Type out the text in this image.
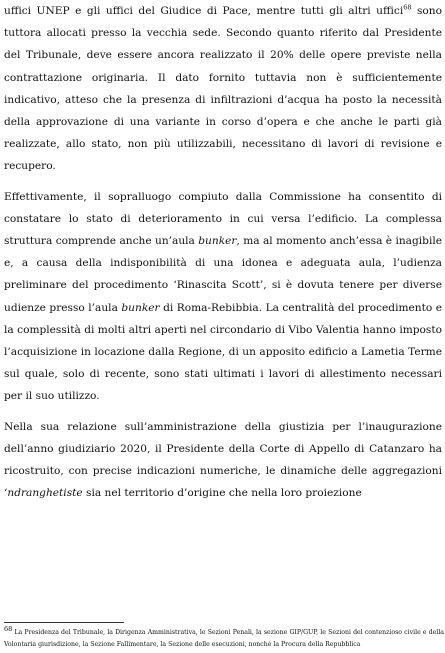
uffici UNEP e gli uffici del Giudice di Pace, mentre tutti gli altri uffici$^{68}$ sono tuttora allocati presso la vecchia sede. Secondo quanto riferito dal Presidente del Tribunale, deve essere ancora realizzato il 20% delle opere previste nella contrattazione originaria. Il dato fornito tuttavia non è sufficientemente indicativo, atteso che la presenza di infiltrazioni d’acqua ha posto la necessità della approvazione di una variante in corso d’opera e che anche le parti già realizzate, allo stato, non più utilizzabili, necessitano di lavori di revisione e recupero.

Effettivamente, il sopralluogo compiuto dalla Commissione ha consentito di constatare lo stato di deterioramento in cui versa l’edificio. La complessa struttura comprende anche un’aula bunker, ma al momento anch’essa è inagibile e, a causa della indisponibilità di una idonea e adeguata aula, l’udienza preliminare del procedimento ‘Rinascita Scott’, si è dovuta tenere per diverse udienze presso l’aula bunker di Roma-Rebibbia. La centralità del procedimento e la complessità di molti altri aperti nel circondario di Vibo Valentia hanno imposto l’acquisizione in locazione dalla Regione, di un apposito edificio a Lametia Terme sul quale, solo di recente, sono stati ultimati i lavori di allestimento necessari per il suo utilizzo.

Nella sua relazione sull’amministrazione della giustizia per l’inaugurazione dell’anno giudiziario 2020, il Presidente della Corte di Appello di Catanzaro ha ricostruito, con precise indicazioni numeriche, le dinamiche delle aggregazioni ‘ndranghetiste sia nel territorio d’origine che nella loro proiezione

$^{68}$ La Presidenza del Tribunale, la Dirigenza Amministrativa, le Sezioni Penali, la sezione GIP/GUP, le Sezioni del contenzioso civile e della Volontaria giurisdizione, la Sezione Fallimentare, la Sezione delle esecuzioni, nonché la Procura della Repubblica
